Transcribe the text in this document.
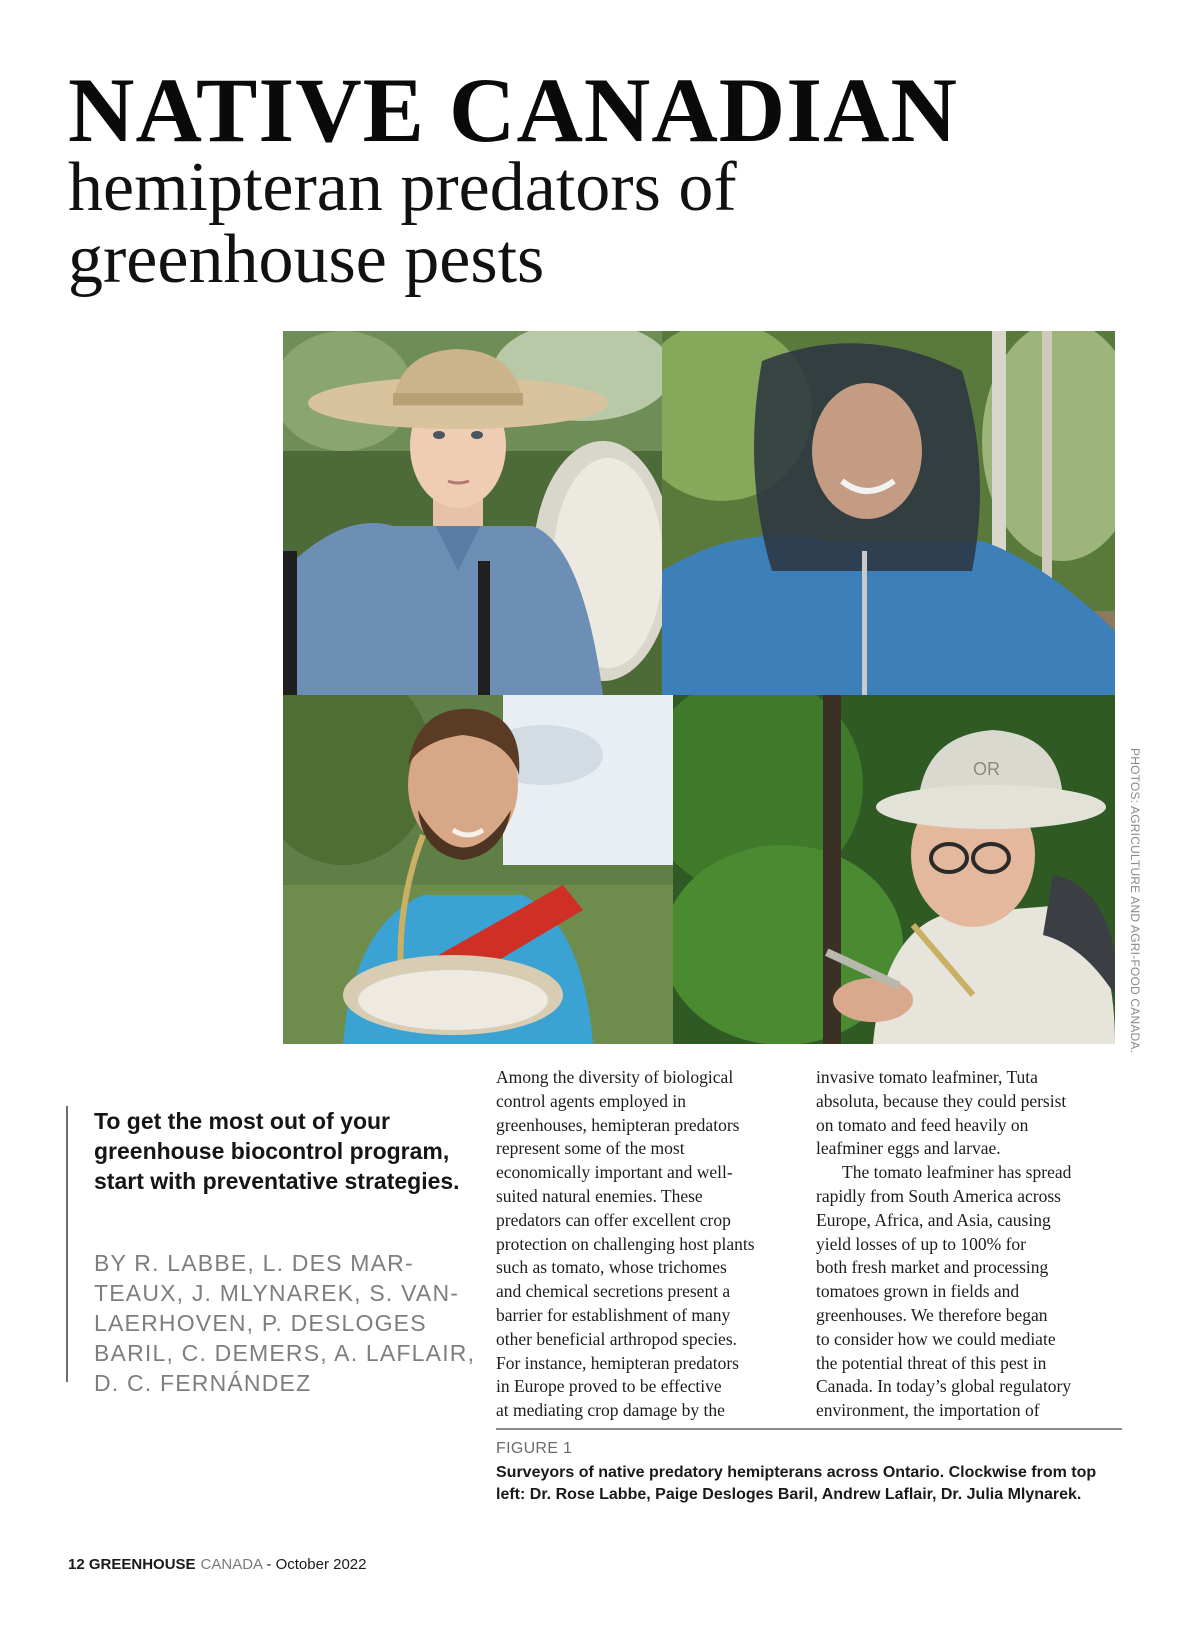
NATIVE CANADIAN
hemipteran predators of
greenhouse pests
OR	PHOTOS: AGRICULTURE AND AGRI-FOOD CANADA.

To get the most out of your greenhouse biocontrol program, start with preventative strategies.

BY R. LABBE, L. DES MAR-
TEAUX, J. MLYNAREK, S. VAN-
LAERHOVEN, P. DESLOGES
BARIL, C. DEMERS, A. LAFLAIR,
D. C. FERNÁNDEZ

Among the diversity of biological
control agents employed in
greenhouses, hemipteran predators
represent some of the most
economically important and well-
suited natural enemies. These
predators can offer excellent crop
protection on challenging host plants
such as tomato, whose trichomes
and chemical secretions present a
barrier for establishment of many
other beneficial arthropod species.
For instance, hemipteran predators
in Europe proved to be effective
at mediating crop damage by the
invasive tomato leafminer, Tuta
absoluta, because they could persist
on tomato and feed heavily on
leafminer eggs and larvae.
The tomato leafminer has spread
rapidly from South America across
Europe, Africa, and Asia, causing
yield losses of up to 100% for
both fresh market and processing
tomatoes grown in fields and
greenhouses. We therefore began
to consider how we could mediate
the potential threat of this pest in
Canada. In today’s global regulatory
environment, the importation of
FIGURE 1

Surveyors of native predatory hemipterans across Ontario. Clockwise from top left: Dr. Rose Labbe, Paige Desloges Baril, Andrew Laflair, Dr. Julia Mlynarek.

12 GREENHOUSE CANADA - October 2022
